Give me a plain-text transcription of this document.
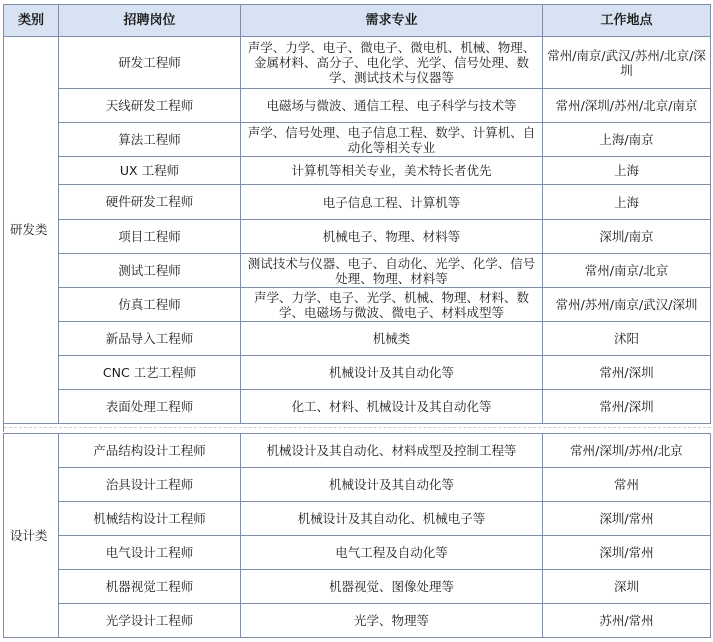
类别	招聘岗位	需求专业	工作地点
研发类	研发工程师	声学、力学、电子、微电子、微电机、机械、物理、金属材料、高分子、电化学、光学、信号处理、数学、测试技术与仪器等	常州/南京/武汉/苏州/北京/深圳
	天线研发工程师	电磁场与微波、通信工程、电子科学与技术等	常州/深圳/苏州/北京/南京
	算法工程师	声学、信号处理、电子信息工程、数学、计算机、自动化等相关专业	上海/南京
	UX 工程师	计算机等相关专业，美术特长者优先	上海
	硬件研发工程师	电子信息工程、计算机等	上海
	项目工程师	机械电子、物理、材料等	深圳/南京
	测试工程师	测试技术与仪器、电子、自动化、光学、化学、信号处理、物理、材料等	常州/南京/北京
	仿真工程师	声学、力学、电子、光学、机械、物理、材料、数学、电磁场与微波、微电子、材料成型等	常州/苏州/南京/武汉/深圳
	新品导入工程师	机械类	沭阳
	CNC 工艺工程师	机械设计及其自动化等	常州/深圳
	表面处理工程师	化工、材料、机械设计及其自动化等	常州/深圳
设计类	产品结构设计工程师	机械设计及其自动化、材料成型及控制工程等	常州/深圳/苏州/北京
	治具设计工程师	机械设计及其自动化等	常州
	机械结构设计工程师	机械设计及其自动化、机械电子等	深圳/常州
	电气设计工程师	电气工程及自动化等	深圳/常州
	机器视觉工程师	机器视觉、图像处理等	深圳
	光学设计工程师	光学、物理等	苏州/常州
